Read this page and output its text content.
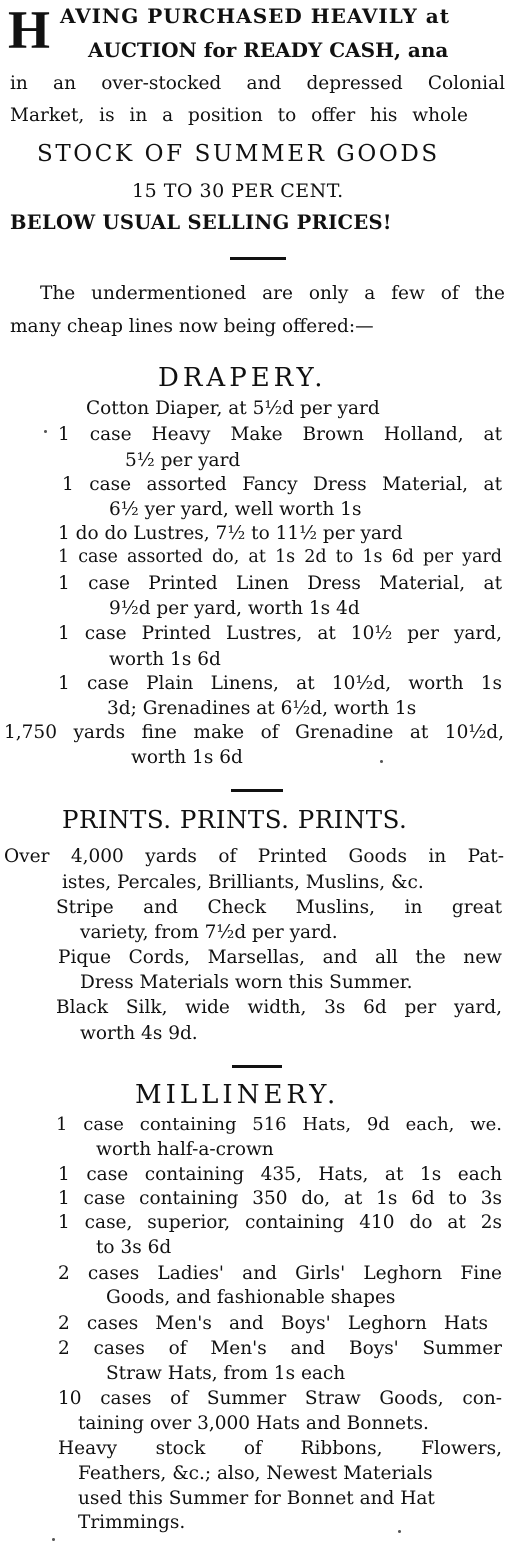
H AVING PURCHASED HEAVILY at
AUCTION for READY CASH, ana
in an over-stocked and depressed Colonial
Market, is in a position to offer his whole
STOCK OF SUMMER GOODS
15 TO 30 PER CENT.
BELOW USUAL SELLING PRICES!
The undermentioned are only a few of the
many cheap lines now being offered:—
DRAPERY.
Cotton Diaper, at 5½d per yard
1 case Heavy Make Brown Holland, at
5½ per yard
1 case assorted Fancy Dress Material, at
6½ yer yard, well worth 1s
1 do do Lustres, 7½ to 11½ per yard
1 case assorted do, at 1s 2d to 1s 6d per yard
1 case Printed Linen Dress Material, at
9½d per yard, worth 1s 4d
1 case Printed Lustres, at 10½ per yard,
worth 1s 6d
1 case Plain Linens, at 10½d, worth 1s
3d; Grenadines at 6½d, worth 1s
1,750 yards fine make of Grenadine at 10½d,
worth 1s 6d
PRINTS. PRINTS. PRINTS.
Over 4,000 yards of Printed Goods in Pat-
istes, Percales, Brilliants, Muslins, &c.
Stripe and Check Muslins, in great
variety, from 7½d per yard.
Pique Cords, Marsellas, and all the new
Dress Materials worn this Summer.
Black Silk, wide width, 3s 6d per yard,
worth 4s 9d.
MILLINERY.
1 case containing 516 Hats, 9d each, we.
worth half-a-crown
1 case containing 435, Hats, at 1s each
1 case containing 350 do, at 1s 6d to 3s
1 case, superior, containing 410 do at 2s
to 3s 6d
2 cases Ladies' and Girls' Leghorn Fine
Goods, and fashionable shapes
2 cases Men's and Boys' Leghorn Hats
2 cases of Men's and Boys' Summer
Straw Hats, from 1s each
10 cases of Summer Straw Goods, con-
taining over 3,000 Hats and Bonnets.
Heavy stock of Ribbons, Flowers,
Feathers, &c.; also, Newest Materials
used this Summer for Bonnet and Hat
Trimmings.
